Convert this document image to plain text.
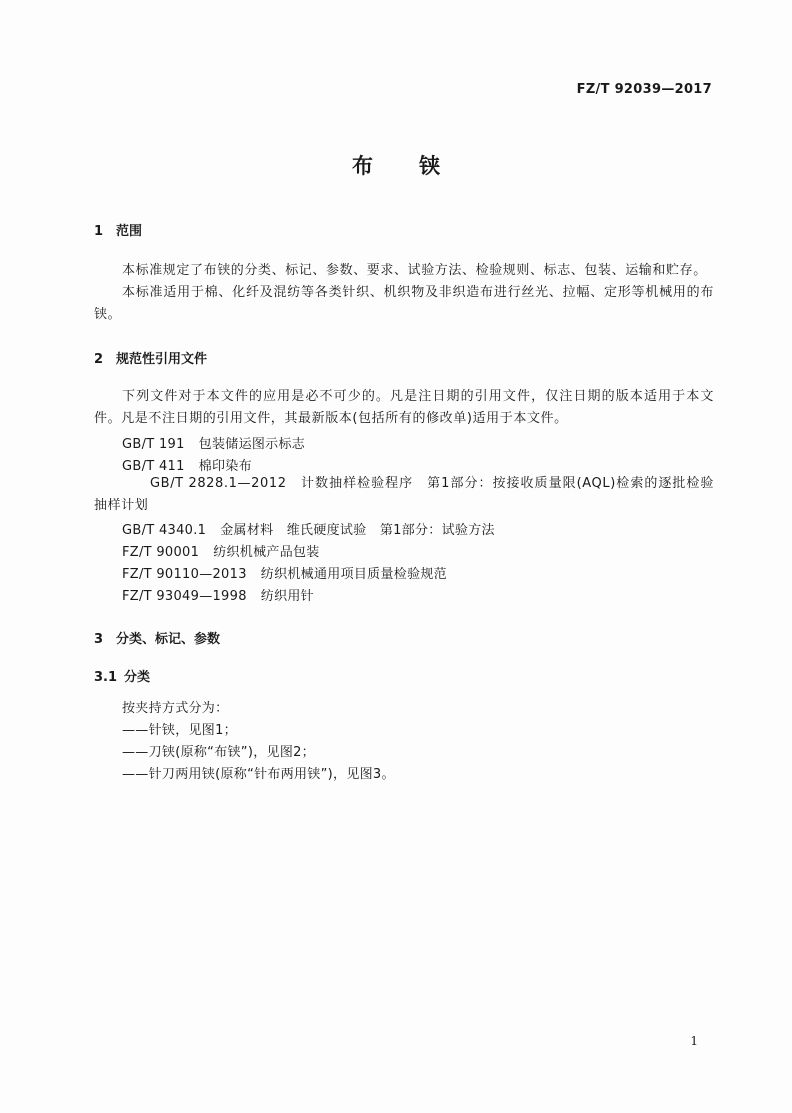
FZ/T 92039—2017
布铗
1 范围
本标准规定了布铗的分类、标记、参数、要求、试验方法、检验规则、标志、包装、运输和贮存。
本标准适用于棉、化纤及混纺等各类针织、机织物及非织造布进行丝光、拉幅、定形等机械用的布铗。
2 规范性引用文件
下列文件对于本文件的应用是必不可少的。凡是注日期的引用文件，仅注日期的版本适用于本文件。凡是不注日期的引用文件，其最新版本(包括所有的修改单)适用于本文件。
GB/T 191 包装储运图示标志
GB/T 411 棉印染布
GB/T 2828.1—2012 计数抽样检验程序　第1部分：按接收质量限(AQL)检索的逐批检验抽样计划
GB/T 4340.1 金属材料　维氏硬度试验　第1部分：试验方法
FZ/T 90001 纺织机械产品包装
FZ/T 90110—2013 纺织机械通用项目质量检验规范
FZ/T 93049—1998 纺织用针
3 分类、标记、参数
3.1 分类
按夹持方式分为：
——针铗，见图1；
——刀铗(原称“布铗”)，见图2；
——针刀两用铗(原称“针布两用铗”)，见图3。
1
